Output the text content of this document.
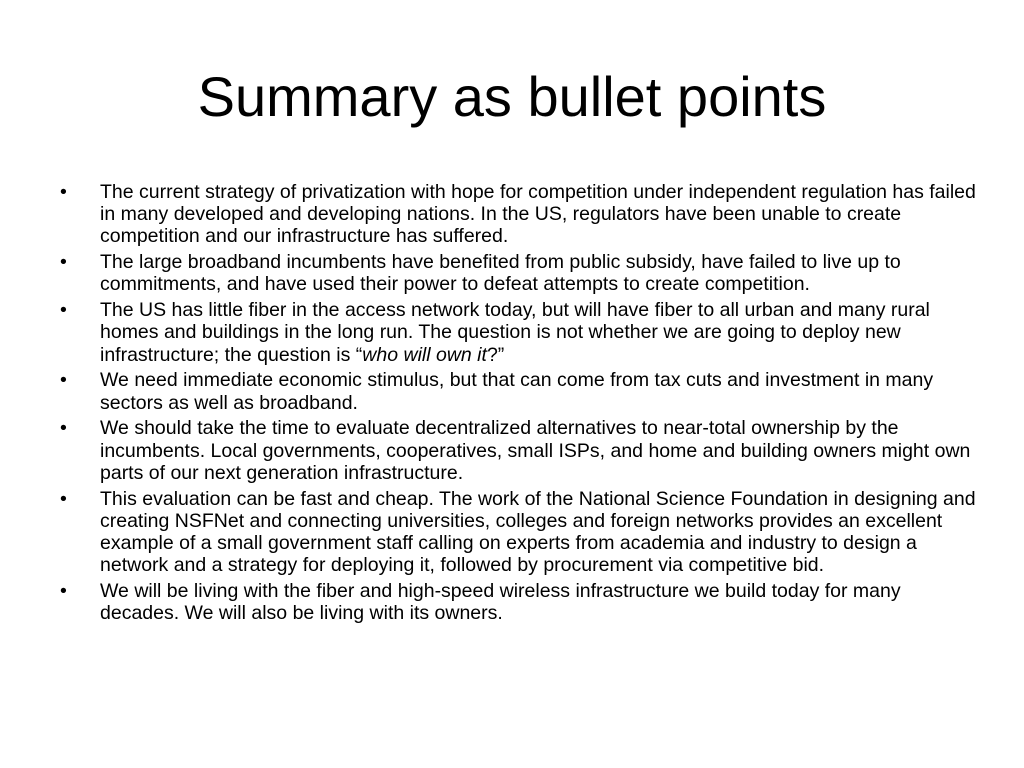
Summary as bullet points
• The current strategy of privatization with hope for competition under independent regulation has failed in many developed and developing nations. In the US, regulators have been unable to create competition and our infrastructure has suffered.
• The large broadband incumbents have benefited from public subsidy, have failed to live up to commitments, and have used their power to defeat attempts to create competition.
• The US has little fiber in the access network today, but will have fiber to all urban and many rural homes and buildings in the long run. The question is not whether we are going to deploy new infrastructure; the question is “who will own it?”
• We need immediate economic stimulus, but that can come from tax cuts and investment in many sectors as well as broadband.
• We should take the time to evaluate decentralized alternatives to near-total ownership by the incumbents. Local governments, cooperatives, small ISPs, and home and building owners might own parts of our next generation infrastructure.
• This evaluation can be fast and cheap. The work of the National Science Foundation in designing and creating NSFNet and connecting universities, colleges and foreign networks provides an excellent example of a small government staff calling on experts from academia and industry to design a network and a strategy for deploying it, followed by procurement via competitive bid.
• We will be living with the fiber and high-speed wireless infrastructure we build today for many decades. We will also be living with its owners.
